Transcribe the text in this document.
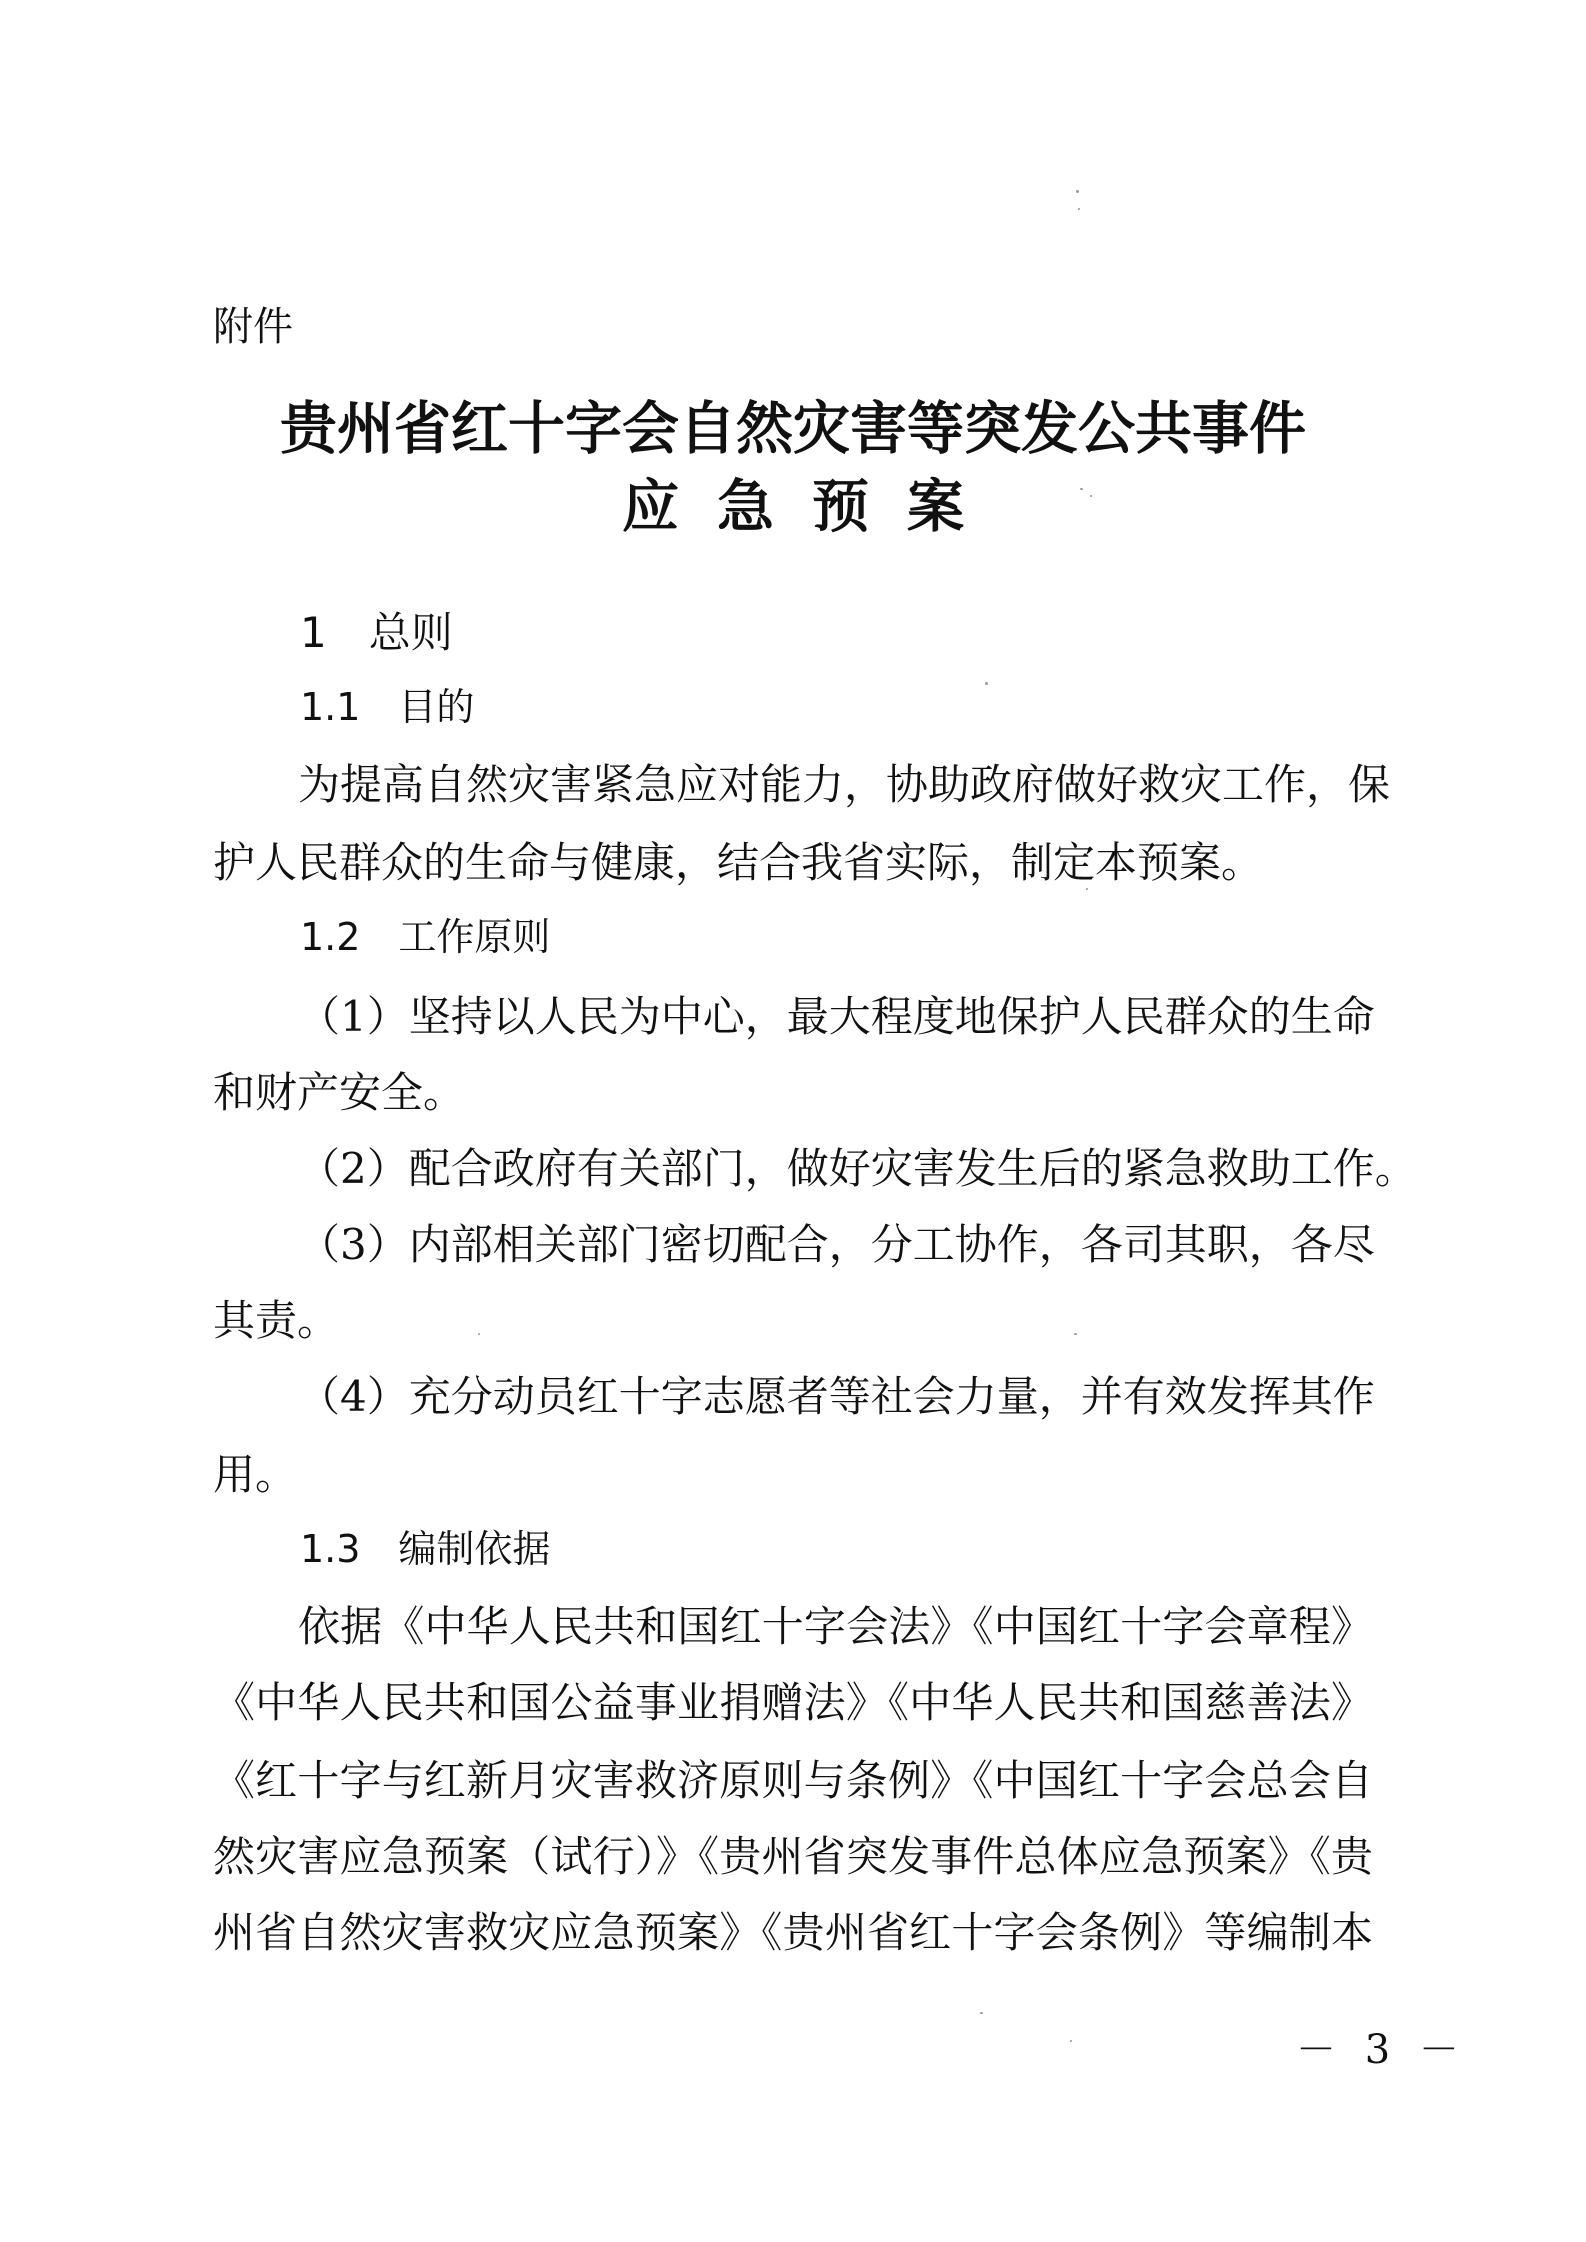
附件
贵州省红十字会自然灾害等突发公共事件
应急预案
1　总则
1.1　目的
为提高自然灾害紧急应对能力，协助政府做好救灾工作，保
护人民群众的生命与健康，结合我省实际，制定本预案。
1.2　工作原则
（1）坚持以人民为中心，最大程度地保护人民群众的生命
和财产安全。
（2）配合政府有关部门，做好灾害发生后的紧急救助工作。
（3）内部相关部门密切配合，分工协作，各司其职，各尽
其责。
（4）充分动员红十字志愿者等社会力量，并有效发挥其作
用。
1.3　编制依据
依据《中华人民共和国红十字会法》《中国红十字会章程》
《中华人民共和国公益事业捐赠法》《中华人民共和国慈善法》
《红十字与红新月灾害救济原则与条例》《中国红十字会总会自
然灾害应急预案（试行）》《贵州省突发事件总体应急预案》《贵
州省自然灾害救灾应急预案》《贵州省红十字会条例》等编制本
－ 3 －
